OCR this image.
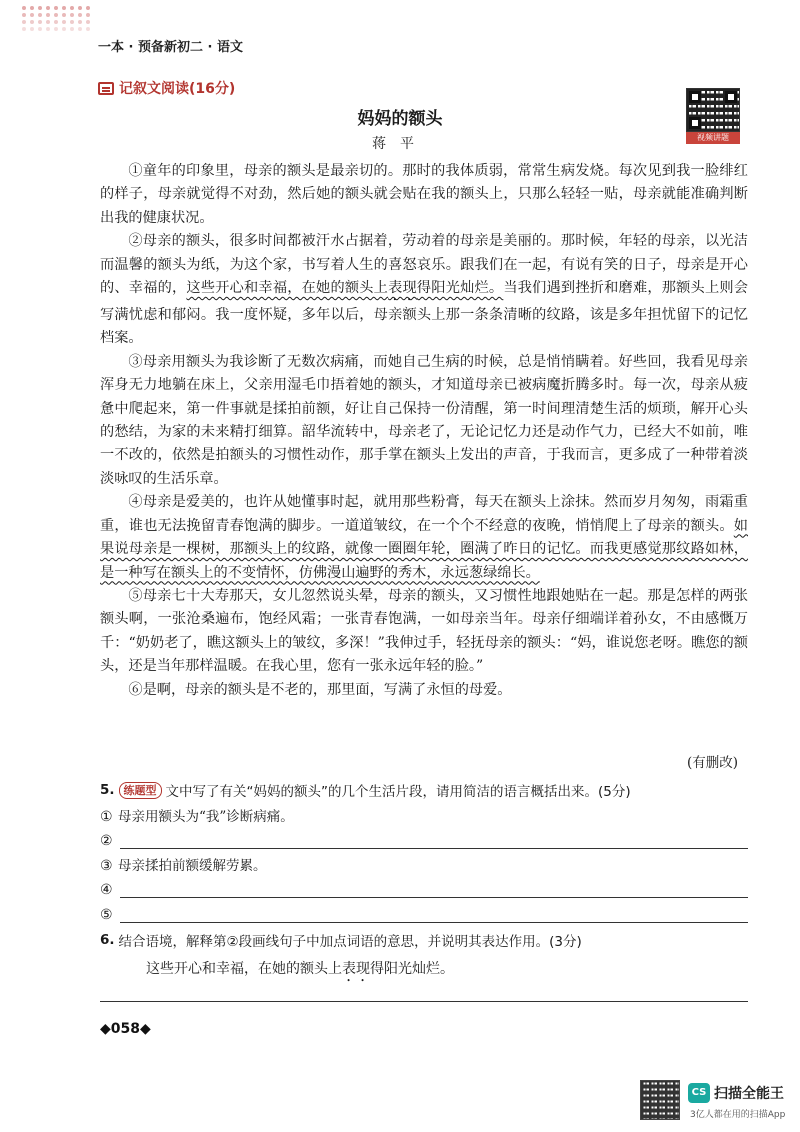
一本 · 预备新初二 · 语文
记叙文阅读(16分)
视频讲题
妈妈的额头
蒋平

①童年的印象里，母亲的额头是最亲切的。那时的我体质弱，常常生病发烧。每次见到我一脸绯红的样子，母亲就觉得不对劲，然后她的额头就会贴在我的额头上，只那么轻轻一贴，母亲就能准确判断出我的健康状况。

②母亲的额头，很多时间都被汗水占据着，劳动着的母亲是美丽的。那时候，年轻的母亲，以光洁而温馨的额头为纸，为这个家，书写着人生的喜怒哀乐。跟我们在一起，有说有笑的日子，母亲是开心的、幸福的，这些开心和幸福，在她的额头上表现得阳光灿烂。当我们遇到挫折和磨难，那额头上则会写满忧虑和郁闷。我一度怀疑，多年以后，母亲额头上那一条条清晰的纹路，该是多年担忧留下的记忆档案。

③母亲用额头为我诊断了无数次病痛，而她自己生病的时候，总是悄悄瞒着。好些回，我看见母亲浑身无力地躺在床上，父亲用湿毛巾捂着她的额头，才知道母亲已被病魔折腾多时。每一次，母亲从疲惫中爬起来，第一件事就是揉拍前额，好让自己保持一份清醒，第一时间理清楚生活的烦琐，解开心头的愁结，为家的未来精打细算。韶华流转中，母亲老了，无论记忆力还是动作气力，已经大不如前，唯一不改的，依然是拍额头的习惯性动作，那手掌在额头上发出的声音，于我而言，更多成了一种带着淡淡咏叹的生活乐章。

④母亲是爱美的，也许从她懂事时起，就用那些粉膏，每天在额头上涂抹。然而岁月匆匆，雨霜重重，谁也无法挽留青春饱满的脚步。一道道皱纹，在一个个不经意的夜晚，悄悄爬上了母亲的额头。如果说母亲是一棵树，那额头上的纹路，就像一圈圈年轮，圈满了昨日的记忆。而我更感觉那纹路如林，是一种写在额头上的不变情怀，仿佛漫山遍野的秀木，永远葱绿绵长。

⑤母亲七十大寿那天，女儿忽然说头晕，母亲的额头，又习惯性地跟她贴在一起。那是怎样的两张额头啊，一张沧桑遍布，饱经风霜；一张青春饱满，一如母亲当年。母亲仔细端详着孙女，不由感慨万千：“奶奶老了，瞧这额头上的皱纹，多深！”我伸过手，轻抚母亲的额头：“妈，谁说您老呀。瞧您的额头，还是当年那样温暖。在我心里，您有一张永远年轻的脸。”

⑥是啊，母亲的额头是不老的，那里面，写满了永恒的母爱。

(有删改)
5. 练题型 文中写了有关“妈妈的额头”的几个生活片段，请用简洁的语言概括出来。(5分)
① 母亲用额头为“我”诊断病痛。
②
③ 母亲揉拍前额缓解劳累。
④
⑤
6. 结合语境，解释第②段画线句子中加点词语的意思，并说明其表达作用。(3分)
这些开心和幸福，在她的额头上表现得阳光灿烂。
◆058◆
CS 扫描全能王
3亿人都在用的扫描App
